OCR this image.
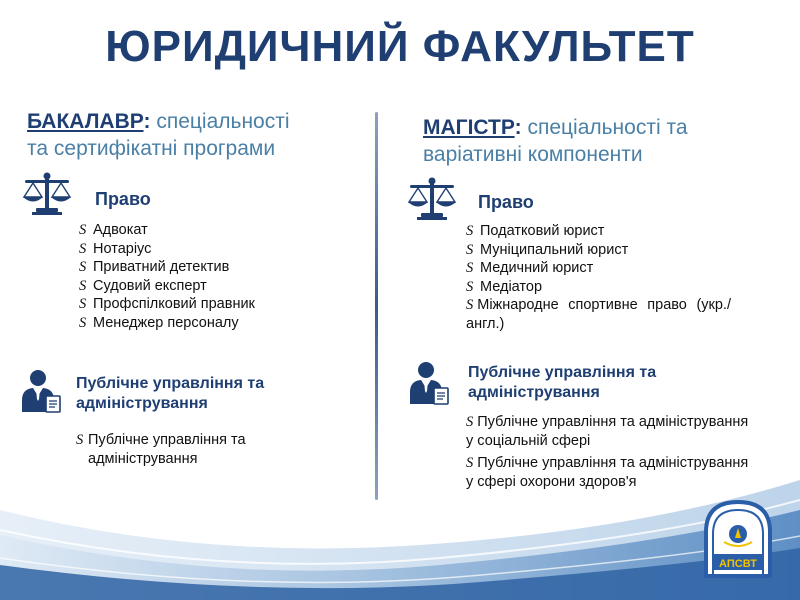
ЮРИДИЧНИЙ ФАКУЛЬТЕТ
БАКАЛАВР: спеціальності
та сертифікатні програми
Право
S Адвокат
S Нотаріус
S Приватний детектив
S Судовий експерт
S Профспілковий правник
S Менеджер персоналу
Публічне управління та
адміністрування
S Публічне управління та адміністрування
МАГІСТР: спеціальності та
варіативні компоненти
Право
S Податковий юрист
S Муніципальний юрист
S Медичний юрист
S Медіатор
S Міжнародне спортивне право (укр./англ.)
Публічне управління та
адміністрування
S Публічне управління та адміністрування у соціальній сфері
S Публічне управління та адміністрування у сфері охорони здоров'я
АПСВТ
